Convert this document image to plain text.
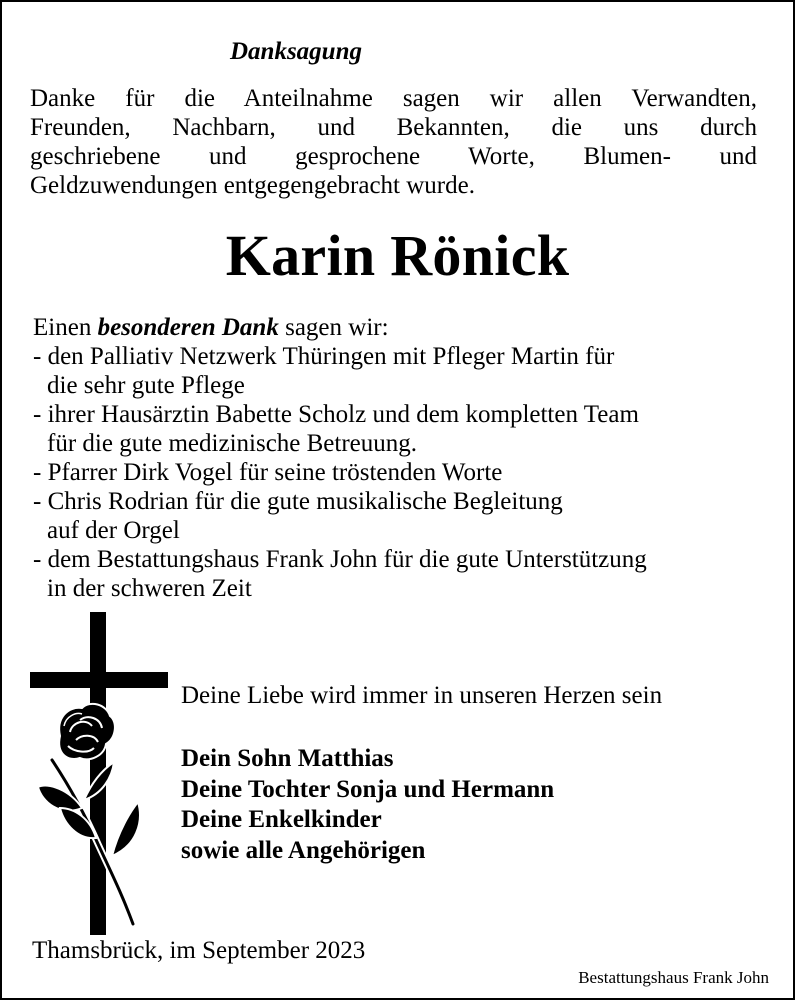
Danksagung
Danke für die Anteilnahme sagen wir allen Verwandten,
Freunden, Nachbarn, und Bekannten, die uns durch
geschriebene und gesprochene Worte, Blumen- und
Geldzuwendungen entgegengebracht wurde.
Karin Rönick
Einen besonderen Dank sagen wir:
- den Palliativ Netzwerk Thüringen mit Pfleger Martin für
die sehr gute Pflege
- ihrer Hausärztin Babette Scholz und dem kompletten Team
für die gute medizinische Betreuung.
- Pfarrer Dirk Vogel für seine tröstenden Worte
- Chris Rodrian für die gute musikalische Begleitung
auf der Orgel
- dem Bestattungshaus Frank John für die gute Unterstützung
in der schweren Zeit
Deine Liebe wird immer in unseren Herzen sein
Dein Sohn Matthias
Deine Tochter Sonja und Hermann
Deine Enkelkinder
sowie alle Angehörigen
Thamsbrück, im September 2023
Bestattungshaus Frank John
